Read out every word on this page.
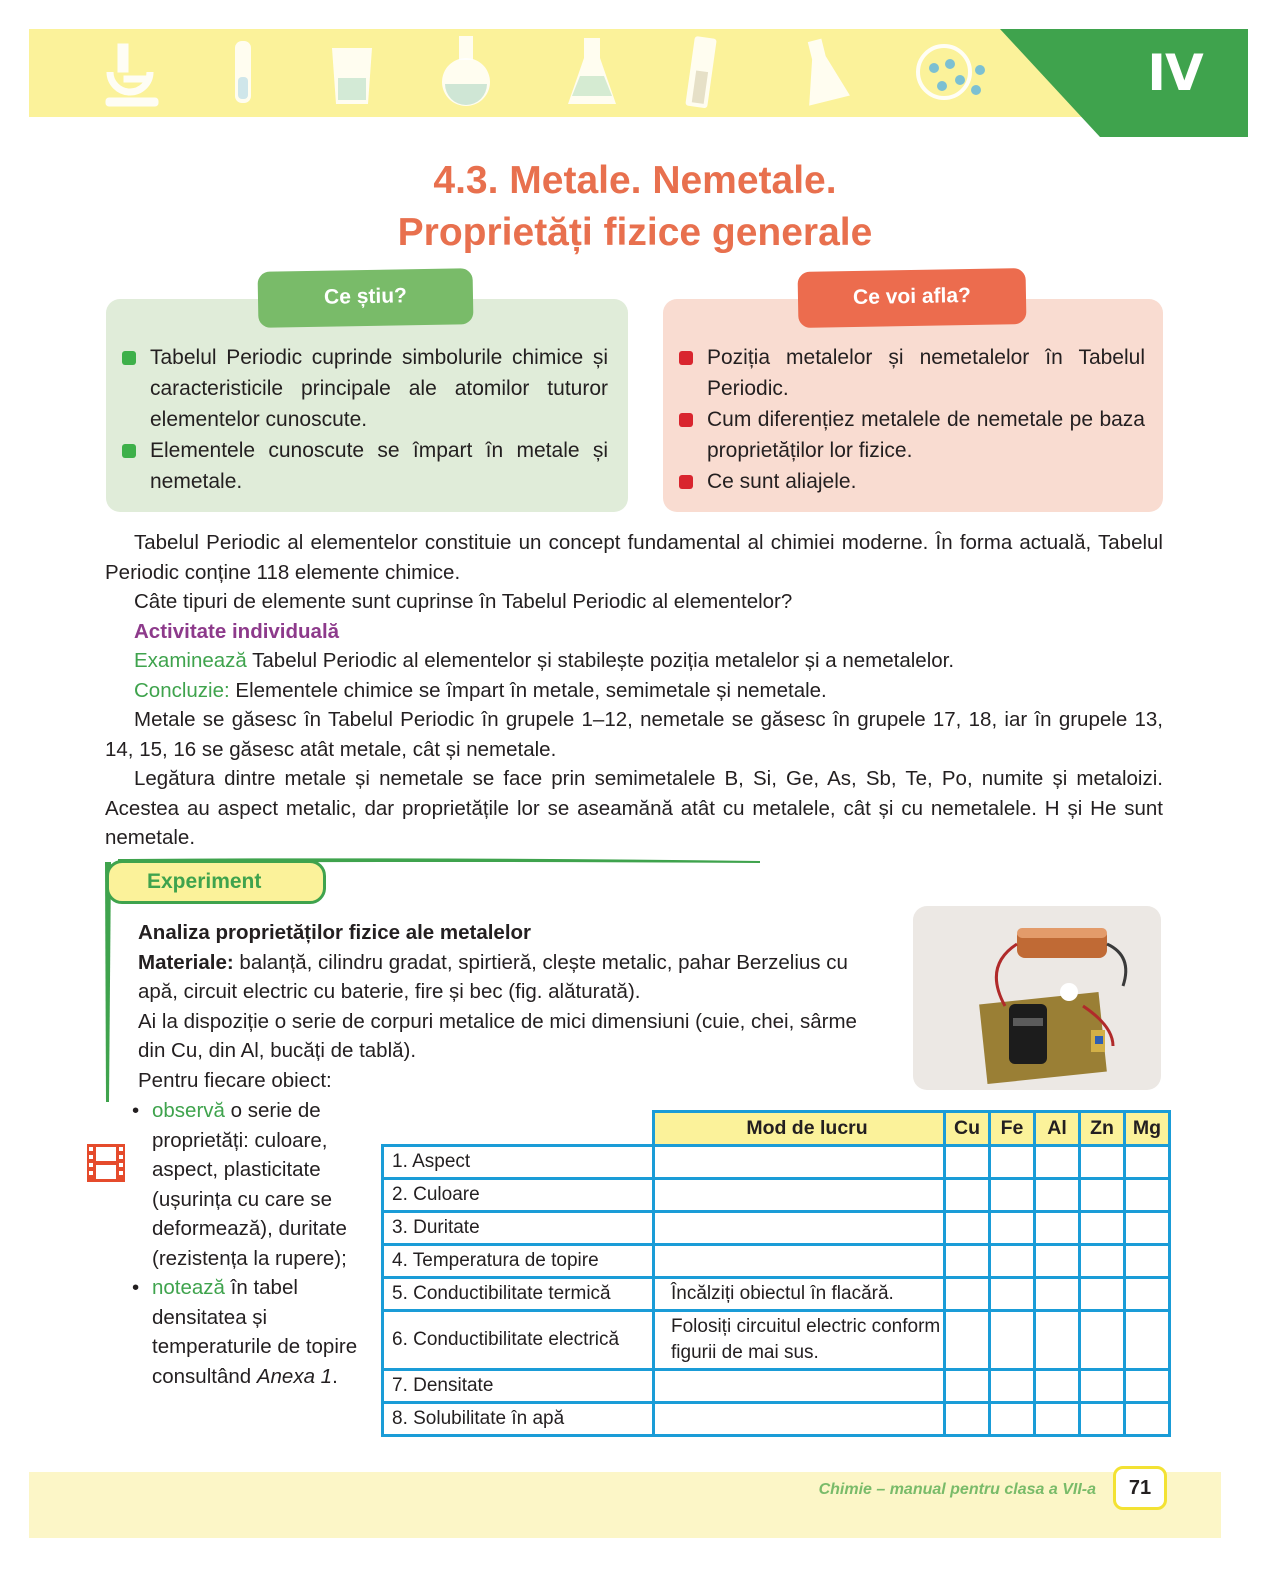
IV
4.3. Metale. Nemetale.
Proprietăți fizice generale
Ce știu?
Tabelul Periodic cuprinde simbolurile chimice și caracteristicile principale ale atomilor tuturor elementelor cunoscute.
Elementele cunoscute se împart în metale și nemetale.
Ce voi afla?
Poziția metalelor și nemetalelor în Tabelul Periodic.
Cum diferențiez metalele de nemetale pe baza proprietăților lor fizice.
Ce sunt aliajele.

Tabelul Periodic al elementelor constituie un concept fundamental al chimiei moderne. În forma actuală, Tabelul Periodic conține 118 elemente chimice.

Câte tipuri de elemente sunt cuprinse în Tabelul Periodic al elementelor?

Activitate individuală

Examinează Tabelul Periodic al elementelor și stabilește poziția metalelor și a nemetalelor.

Concluzie: Elementele chimice se împart în metale, semimetale și nemetale.

Metale se găsesc în Tabelul Periodic în grupele 1–12, nemetale se găsesc în grupele 17, 18, iar în grupele 13, 14, 15, 16 se găsesc atât metale, cât și nemetale.

Legătura dintre metale și nemetale se face prin semimetalele B, Si, Ge, As, Sb, Te, Po, numite și metaloizi. Acestea au aspect metalic, dar proprietățile lor se aseamănă atât cu metalele, cât și cu nemetalele. H și He sunt nemetale.

Experiment

Analiza proprietăților fizice ale metalelor

Materiale: balanță, cilindru gradat, spirtieră, clește metalic, pahar Berzelius cu apă, circuit electric cu baterie, fire și bec (fig. alăturată).

Ai la dispoziție o serie de corpuri metalice de mici dimensiuni (cuie, chei, sârme din Cu, din Al, bucăți de tablă).

Pentru fiecare obiect:

• observă o serie de proprietăți: culoare, aspect, plasticitate (ușurința cu care se deformează), duritate (rezistența la rupere);
• notează în tabel densitatea și temperaturile de topire consultând Anexa 1.
	Mod de lucru	Cu	Fe	Al	Zn	Mg
1. Aspect						
2. Culoare						
3. Duritate						
4. Temperatura de topire						
5. Conductibilitate termică	Încălziți obiectul în flacără.					
6. Conductibilitate electrică	Folosiți circuitul electric conform figurii de mai sus.					
7. Densitate						
8. Solubilitate în apă						
Chimie – manual pentru clasa a VII-a	71
